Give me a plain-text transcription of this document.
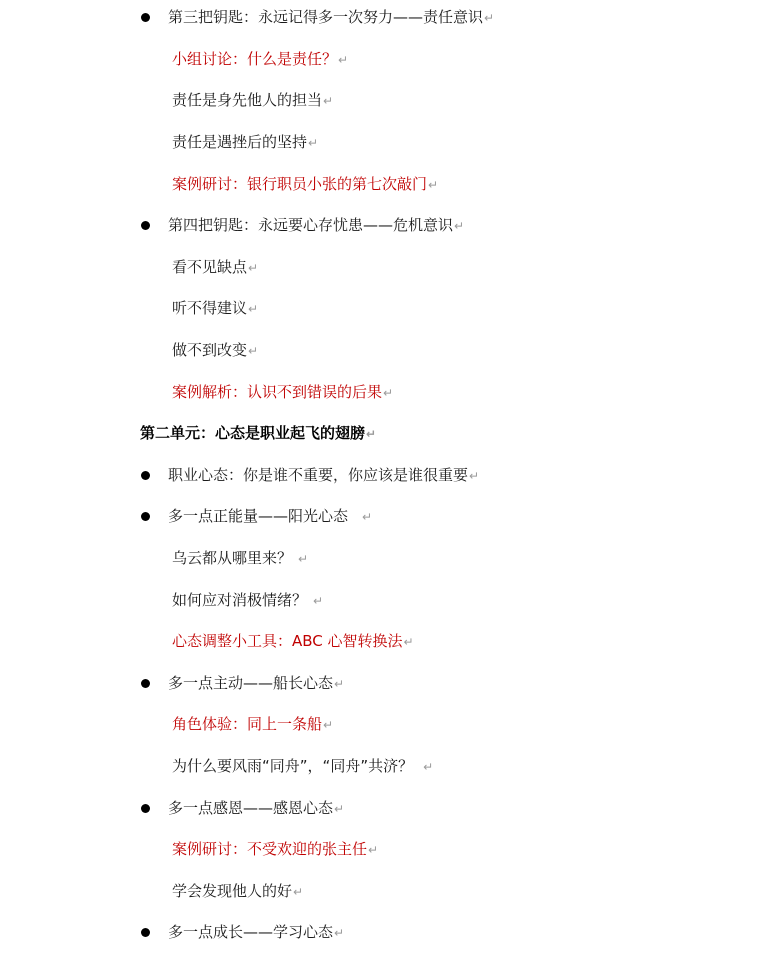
第三把钥匙：永远记得多一次努力——责任意识↵
小组讨论：什么是责任？↵
责任是身先他人的担当↵
责任是遇挫后的坚持↵
案例研讨：银行职员小张的第七次敲门↵
第四把钥匙：永远要心存忧患——危机意识↵
看不见缺点↵
听不得建议↵
做不到改变↵
案例解析：认识不到错误的后果↵
第二单元：心态是职业起飞的翅膀↵
职业心态：你是谁不重要，你应该是谁很重要↵
多一点正能量——阳光心态 ↵
乌云都从哪里来？ ↵
如何应对消极情绪？ ↵
心态调整小工具：ABC 心智转换法↵
多一点主动——船长心态↵
角色体验：同上一条船↵
为什么要风雨“同舟”，“同舟”共济？ ↵
多一点感恩——感恩心态↵
案例研讨：不受欢迎的张主任↵
学会发现他人的好↵
多一点成长——学习心态↵
